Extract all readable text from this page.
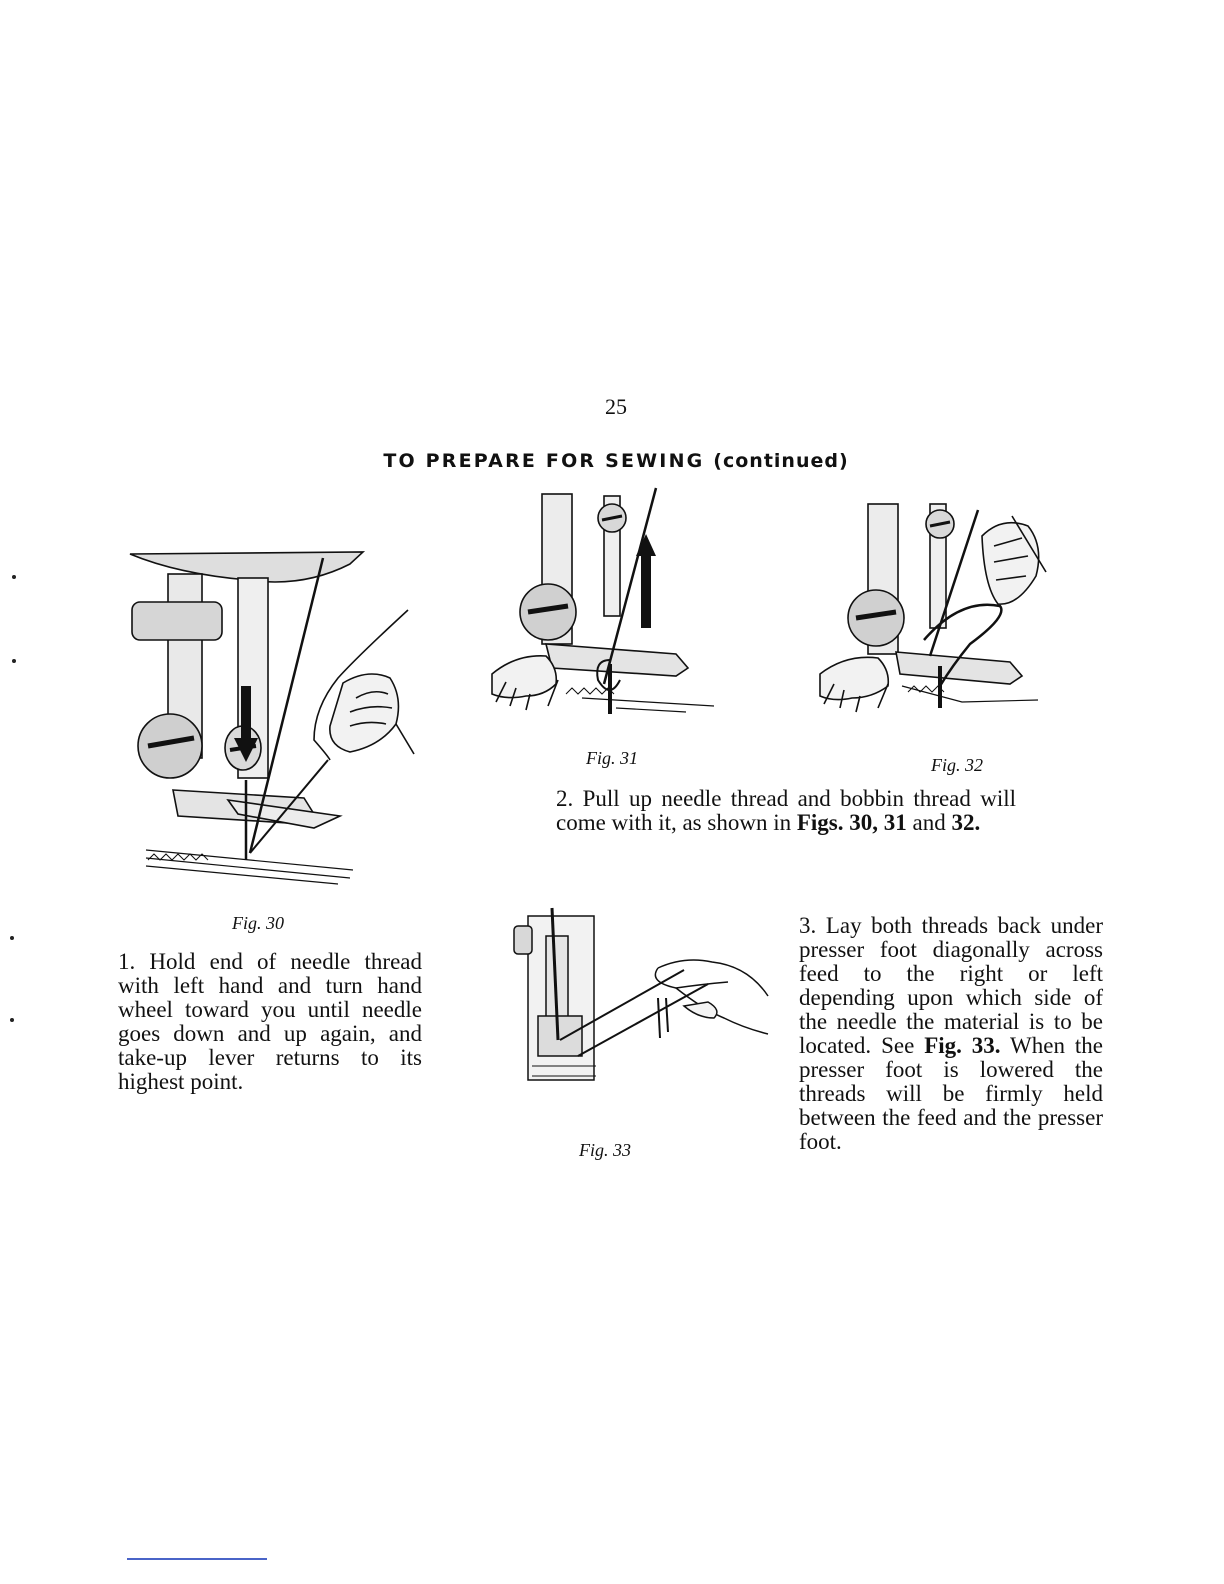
25
TO PREPARE FOR SEWING (continued)
Fig. 30
Fig. 31	Fig. 32
2. Pull up needle thread and bobbin thread will come with it, as shown in Figs. 30, 31 and 32.
1. Hold end of needle thread with left hand and turn hand wheel toward you until needle goes down and up again, and take-up lever returns to its highest point.
Fig. 33
3. Lay both threads back under presser foot diagonally across feed to the right or left depending upon which side of the needle the material is to be located. See Fig. 33. When the presser foot is lowered the threads will be firmly held between the feed and the presser foot.
